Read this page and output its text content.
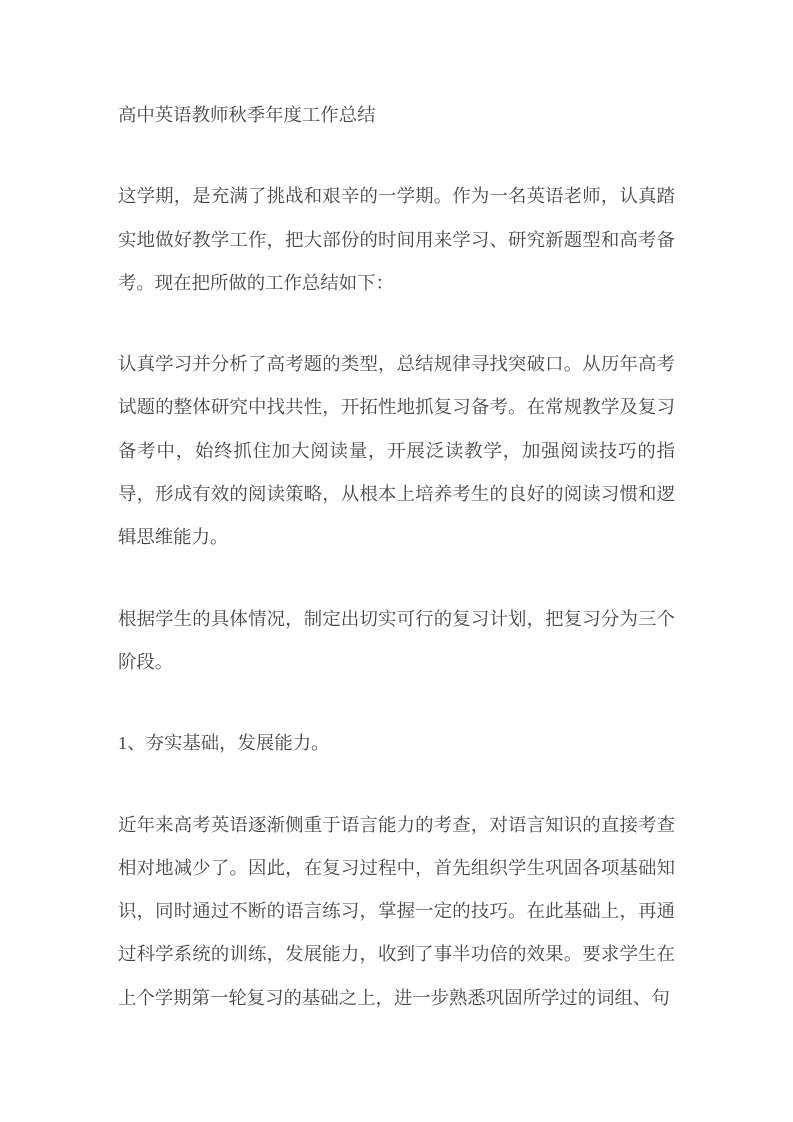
高中英语教师秋季年度工作总结

这学期，是充满了挑战和艰辛的一学期。作为一名英语老师，认真踏实地做好教学工作，把大部份的时间用来学习、研究新题型和高考备考。现在把所做的工作总结如下：

认真学习并分析了高考题的类型，总结规律寻找突破口。从历年高考试题的整体研究中找共性，开拓性地抓复习备考。在常规教学及复习备考中，始终抓住加大阅读量，开展泛读教学，加强阅读技巧的指导，形成有效的阅读策略，从根本上培养考生的良好的阅读习惯和逻辑思维能力。

根据学生的具体情况，制定出切实可行的复习计划，把复习分为三个阶段。

1、夯实基础，发展能力。

近年来高考英语逐渐侧重于语言能力的考查，对语言知识的直接考查相对地减少了。因此，在复习过程中，首先组织学生巩固各项基础知识，同时通过不断的语言练习，掌握一定的技巧。在此基础上，再通过科学系统的训练，发展能力，收到了事半功倍的效果。要求学生在上个学期第一轮复习的基础之上，进一步熟悉巩固所学过的词组、句
